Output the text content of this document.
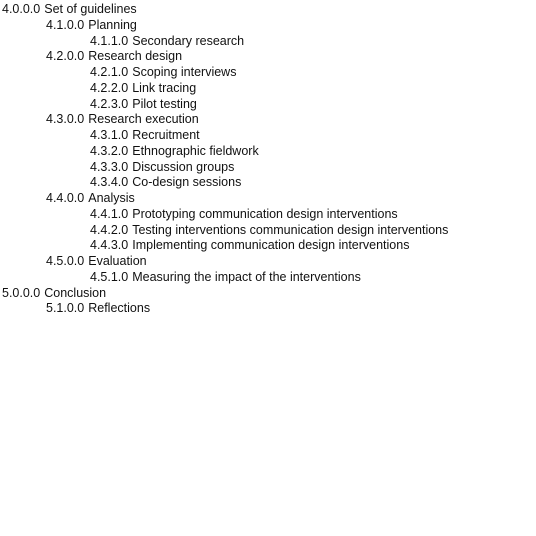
4.0.0.0 Set of guidelines
4.1.0.0 Planning
4.1.1.0 Secondary research
4.2.0.0 Research design
4.2.1.0 Scoping interviews
4.2.2.0 Link tracing
4.2.3.0 Pilot testing
4.3.0.0 Research execution
4.3.1.0 Recruitment
4.3.2.0 Ethnographic fieldwork
4.3.3.0 Discussion groups
4.3.4.0 Co-design sessions
4.4.0.0 Analysis
4.4.1.0 Prototyping communication design interventions
4.4.2.0 Testing interventions communication design interventions
4.4.3.0 Implementing communication design interventions
4.5.0.0 Evaluation
4.5.1.0 Measuring the impact of the interventions
5.0.0.0 Conclusion
5.1.0.0 Reflections
